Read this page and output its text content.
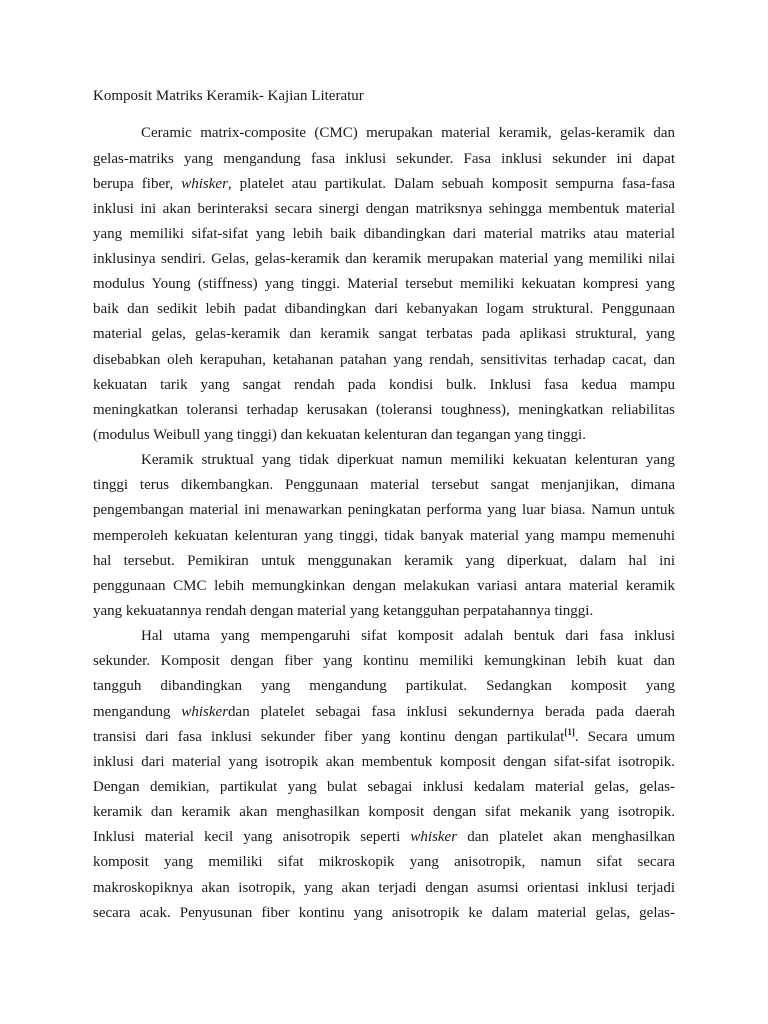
Komposit Matriks Keramik- Kajian Literatur
Ceramic matrix-composite (CMC) merupakan material keramik, gelas-keramik dan
gelas-matriks yang mengandung fasa inklusi sekunder. Fasa inklusi sekunder ini dapat
berupa fiber, whisker, platelet atau partikulat. Dalam sebuah komposit sempurna fasa-fasa
inklusi ini akan berinteraksi secara sinergi dengan matriksnya sehingga membentuk material
yang memiliki sifat-sifat yang lebih baik dibandingkan dari material matriks atau material
inklusinya sendiri. Gelas, gelas-keramik dan keramik merupakan material yang memiliki nilai
modulus Young (stiffness) yang tinggi. Material tersebut memiliki kekuatan kompresi yang
baik dan sedikit lebih padat dibandingkan dari kebanyakan logam struktural. Penggunaan
material gelas, gelas-keramik dan keramik sangat terbatas pada aplikasi struktural, yang
disebabkan oleh kerapuhan, ketahanan patahan yang rendah, sensitivitas terhadap cacat, dan
kekuatan tarik yang sangat rendah pada kondisi bulk. Inklusi fasa kedua mampu
meningkatkan toleransi terhadap kerusakan (toleransi toughness), meningkatkan reliabilitas
(modulus Weibull yang tinggi) dan kekuatan kelenturan dan tegangan yang tinggi.
Keramik struktual yang tidak diperkuat namun memiliki kekuatan kelenturan yang
tinggi terus dikembangkan. Penggunaan material tersebut sangat menjanjikan, dimana
pengembangan material ini menawarkan peningkatan performa yang luar biasa. Namun untuk
memperoleh kekuatan kelenturan yang tinggi, tidak banyak material yang mampu memenuhi
hal tersebut. Pemikiran untuk menggunakan keramik yang diperkuat, dalam hal ini
penggunaan CMC lebih memungkinkan dengan melakukan variasi antara material keramik
yang kekuatannya rendah dengan material yang ketangguhan perpatahannya tinggi.
Hal utama yang mempengaruhi sifat komposit adalah bentuk dari fasa inklusi
sekunder. Komposit dengan fiber yang kontinu memiliki kemungkinan lebih kuat dan
tangguh dibandingkan yang mengandung partikulat. Sedangkan komposit yang
mengandung whiskerdan platelet sebagai fasa inklusi sekundernya berada pada daerah
transisi dari fasa inklusi sekunder fiber yang kontinu dengan partikulat[1]. Secara umum
inklusi dari material yang isotropik akan membentuk komposit dengan sifat-sifat isotropik.
Dengan demikian, partikulat yang bulat sebagai inklusi kedalam material gelas, gelas-
keramik dan keramik akan menghasilkan komposit dengan sifat mekanik yang isotropik.
Inklusi material kecil yang anisotropik seperti whisker dan platelet akan menghasilkan
komposit yang memiliki sifat mikroskopik yang anisotropik, namun sifat secara
makroskopiknya akan isotropik, yang akan terjadi dengan asumsi orientasi inklusi terjadi
secara acak. Penyusunan fiber kontinu yang anisotropik ke dalam material gelas, gelas-
